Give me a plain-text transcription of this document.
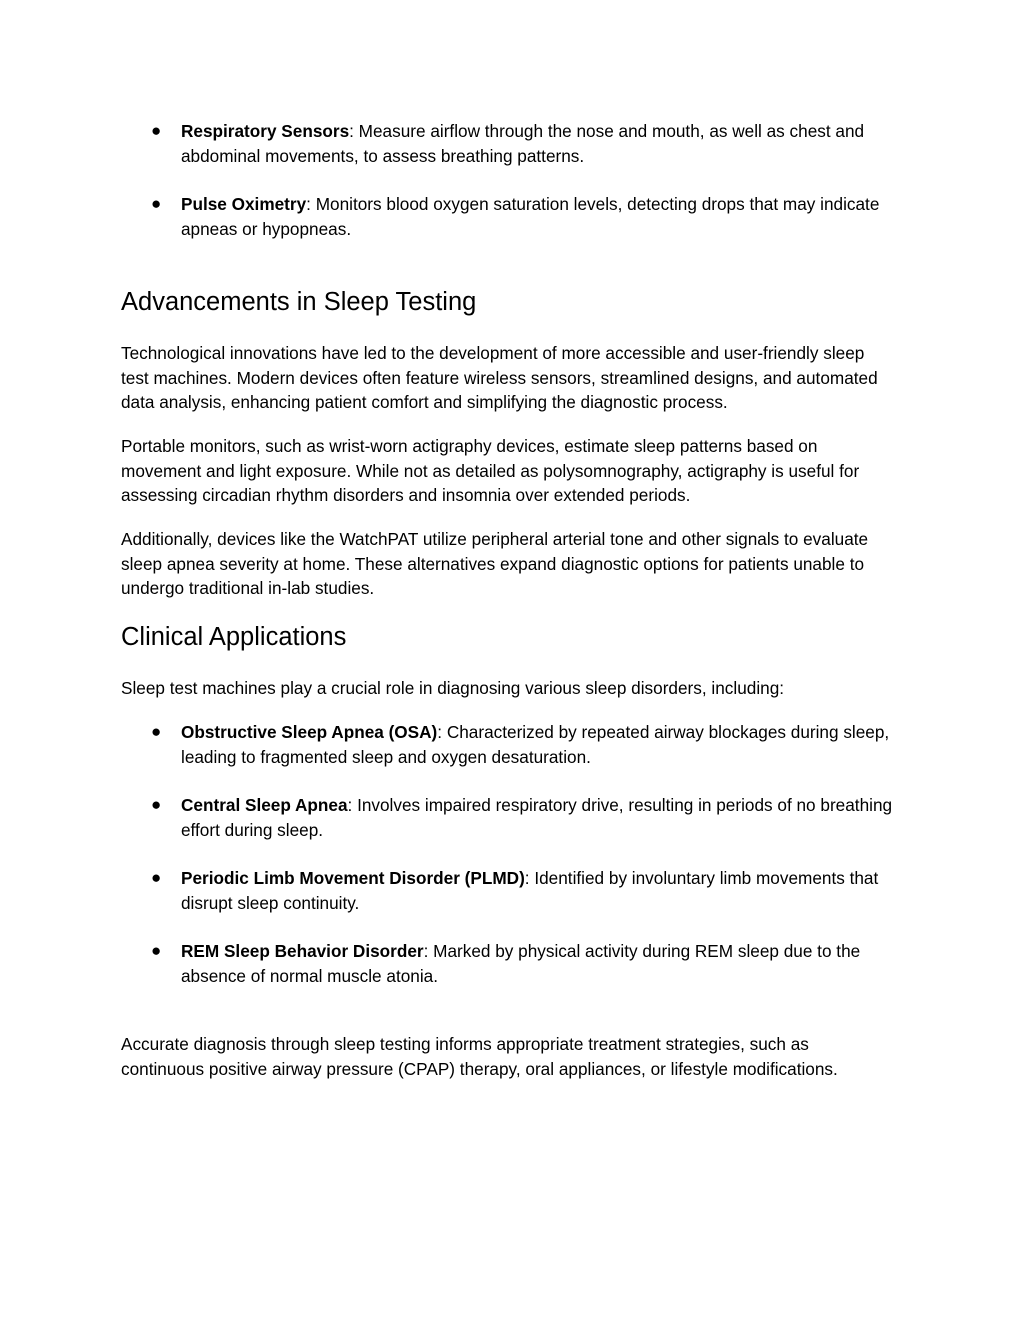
● Respiratory Sensors: Measure airflow through the nose and mouth, as well as chest and abdominal movements, to assess breathing patterns.
● Pulse Oximetry: Monitors blood oxygen saturation levels, detecting drops that may indicate apneas or hypopneas.
Advancements in Sleep Testing

Technological innovations have led to the development of more accessible and user-friendly sleep test machines. Modern devices often feature wireless sensors, streamlined designs, and automated data analysis, enhancing patient comfort and simplifying the diagnostic process.

Portable monitors, such as wrist-worn actigraphy devices, estimate sleep patterns based on movement and light exposure. While not as detailed as polysomnography, actigraphy is useful for assessing circadian rhythm disorders and insomnia over extended periods.

Additionally, devices like the WatchPAT utilize peripheral arterial tone and other signals to evaluate sleep apnea severity at home. These alternatives expand diagnostic options for patients unable to undergo traditional in-lab studies.

Clinical Applications

Sleep test machines play a crucial role in diagnosing various sleep disorders, including:

● Obstructive Sleep Apnea (OSA): Characterized by repeated airway blockages during sleep, leading to fragmented sleep and oxygen desaturation.
● Central Sleep Apnea: Involves impaired respiratory drive, resulting in periods of no breathing effort during sleep.
● Periodic Limb Movement Disorder (PLMD): Identified by involuntary limb movements that disrupt sleep continuity.
● REM Sleep Behavior Disorder: Marked by physical activity during REM sleep due to the absence of normal muscle atonia.

Accurate diagnosis through sleep testing informs appropriate treatment strategies, such as continuous positive airway pressure (CPAP) therapy, oral appliances, or lifestyle modifications.
